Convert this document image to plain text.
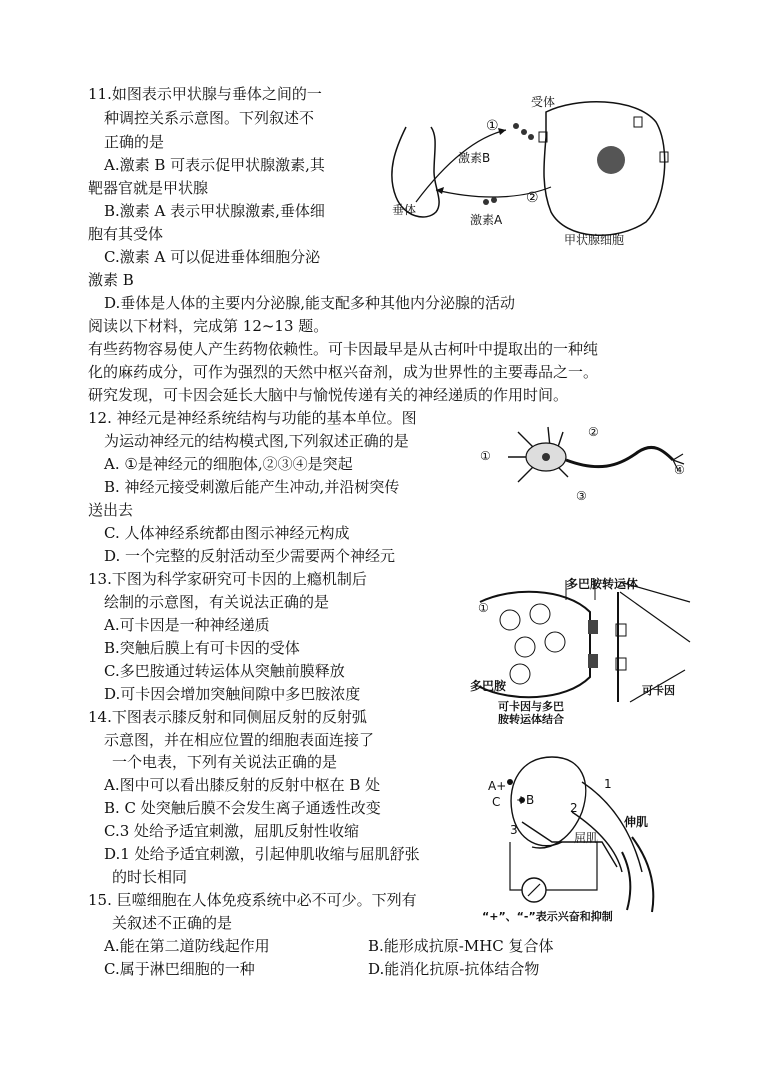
11.如图表示甲状腺与垂体之间的一
种调控关系示意图。下列叙述不
正确的是
A.激素 B 可表示促甲状腺激素,其
靶器官就是甲状腺
B.激素 A 表示甲状腺激素,垂体细
胞有其受体
C.激素 A 可以促进垂体细胞分泌
激素 B
D.垂体是人体的主要内分泌腺,能支配多种其他内分泌腺的活动
受体
①
②
激素B
激素A
垂体
甲状腺细胞
阅读以下材料，完成第 12~13 题。
有些药物容易使人产生药物依赖性。可卡因最早是从古柯叶中提取出的一种纯
化的麻药成分，可作为强烈的天然中枢兴奋剂，成为世界性的主要毒品之一。
研究发现，可卡因会延长大脑中与愉悦传递有关的神经递质的作用时间。
12. 神经元是神经系统结构与功能的基本单位。图
为运动神经元的结构模式图,下列叙述正确的是
A. ①是神经元的细胞体,②③④是突起
B. 神经元接受刺激后能产生冲动,并沿树突传
送出去
C. 人体神经系统都由图示神经元构成
D. 一个完整的反射活动至少需要两个神经元
①
②
③
④
13.下图为科学家研究可卡因的上瘾机制后
绘制的示意图，有关说法正确的是
A.可卡因是一种神经递质
B.突触后膜上有可卡因的受体
C.多巴胺通过转运体从突触前膜释放
D.可卡因会增加突触间隙中多巴胺浓度
多巴胺转运体
①
多巴胺	可卡因
可卡因与多巴
胺转运体结合
14.下图表示膝反射和同侧屈反射的反射弧
示意图，并在相应位置的细胞表面连接了
一个电表，下列有关说法正确的是
A.图中可以看出膝反射的反射中枢在 B 处
B. C 处突触后膜不会发生离子通透性改变
C.3 处给予适宜刺激，屈肌反射性收缩
D.1 处给予适宜刺激，引起伸肌收缩与屈肌舒张
的时长相同
A+
+B
C
1
2
3
屈肌
伸肌
“+”、“-”表示兴奋和抑制
15. 巨噬细胞在人体免疫系统中必不可少。下列有
关叙述不正确的是
A.能在第二道防线起作用	B.能形成抗原-MHC 复合体
C.属于淋巴细胞的一种	D.能消化抗原-抗体结合物
